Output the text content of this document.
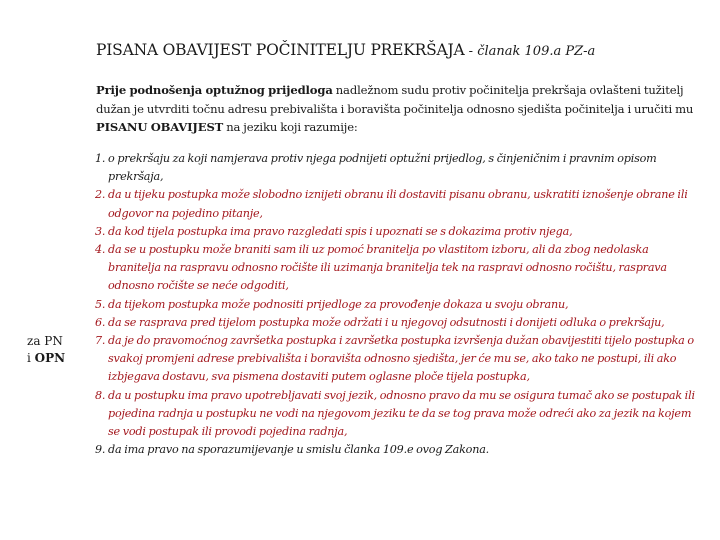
PISANA OBAVIJEST POČINITELJU PREKRŠAJA - članak 109.a PZ-a
Prije podnošenja optužnog prijedloga nadležnom sudu protiv počinitelja prekršaja ovlašteni tužitelj dužan je utvrditi točnu adresu prebivališta i boravišta počinitelja odnosno sjedišta počinitelja i uručiti mu PISANU OBAVIJEST na jeziku koji razumije:
za PN
i OPN
1. o prekršaju za koji namjerava protiv njega podnijeti optužni prijedlog, s činjeničnim i pravnim opisom prekršaja,
2. da u tijeku postupka može slobodno iznijeti obranu ili dostaviti pisanu obranu, uskratiti iznošenje obrane ili odgovor na pojedino pitanje,
3. da kod tijela postupka ima pravo razgledati spis i upoznati se s dokazima protiv njega,
4. da se u postupku može braniti sam ili uz pomoć branitelja po vlastitom izboru, ali da zbog nedolaska branitelja na raspravu odnosno ročište ili uzimanja branitelja tek na raspravi odnosno ročištu, rasprava odnosno ročište se neće odgoditi,
5. da tijekom postupka može podnositi prijedloge za provođenje dokaza u svoju obranu,
6. da se rasprava pred tijelom postupka može održati i u njegovoj odsutnosti i donijeti odluka o prekršaju,
7. da je do pravomoćnog završetka postupka i završetka postupka izvršenja dužan obavijestiti tijelo postupka o svakoj promjeni adrese prebivališta i boravišta odnosno sjedišta, jer će mu se, ako tako ne postupi, ili ako izbjegava dostavu, sva pismena dostaviti putem oglasne ploče tijela postupka,
8. da u postupku ima pravo upotrebljavati svoj jezik, odnosno pravo da mu se osigura tumač ako se postupak ili pojedina radnja u postupku ne vodi na njegovom jeziku te da se tog prava može odreći ako za jezik na kojem se vodi postupak ili provodi pojedina radnja,
9. da ima pravo na sporazumijevanje u smislu članka 109.e ovog Zakona.
